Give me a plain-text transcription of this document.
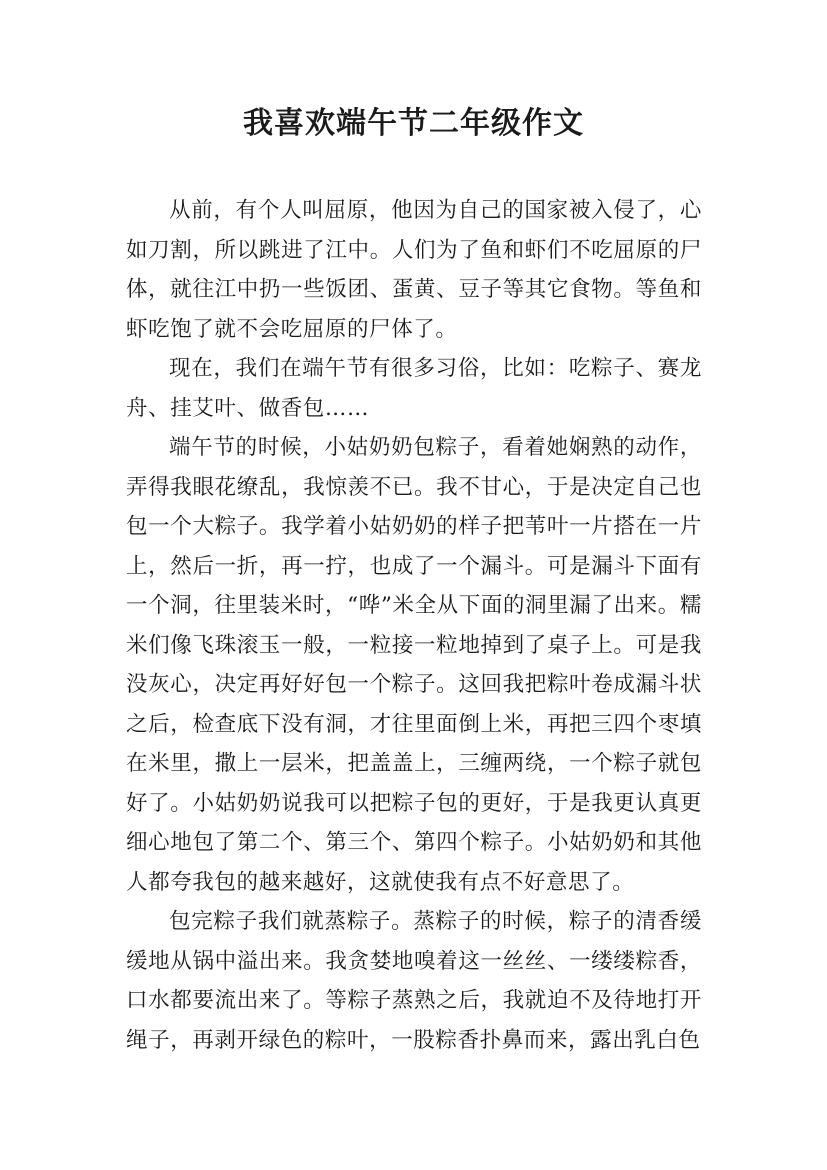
我喜欢端午节二年级作文

从前，有个人叫屈原，他因为自己的国家被入侵了，心如刀割，所以跳进了江中。人们为了鱼和虾们不吃屈原的尸体，就往江中扔一些饭团、蛋黄、豆子等其它食物。等鱼和虾吃饱了就不会吃屈原的尸体了。

现在，我们在端午节有很多习俗，比如：吃粽子、赛龙舟、挂艾叶、做香包……

端午节的时候，小姑奶奶包粽子，看着她娴熟的动作，弄得我眼花缭乱，我惊羡不已。我不甘心，于是决定自己也包一个大粽子。我学着小姑奶奶的样子把苇叶一片搭在一片上，然后一折，再一拧，也成了一个漏斗。可是漏斗下面有一个洞，往里装米时，“哗”米全从下面的洞里漏了出来。糯米们像飞珠滚玉一般，一粒接一粒地掉到了桌子上。可是我没灰心，决定再好好包一个粽子。这回我把粽叶卷成漏斗状之后，检查底下没有洞，才往里面倒上米，再把三四个枣填在米里，撒上一层米，把盖盖上，三缠两绕，一个粽子就包好了。小姑奶奶说我可以把粽子包的更好，于是我更认真更细心地包了第二个、第三个、第四个粽子。小姑奶奶和其他人都夸我包的越来越好，这就使我有点不好意思了。

包完粽子我们就蒸粽子。蒸粽子的时候，粽子的清香缓缓地从锅中溢出来。我贪婪地嗅着这一丝丝、一缕缕粽香，口水都要流出来了。等粽子蒸熟之后，我就迫不及待地打开绳子，再剥开绿色的粽叶，一股粽香扑鼻而来，露出乳白色
